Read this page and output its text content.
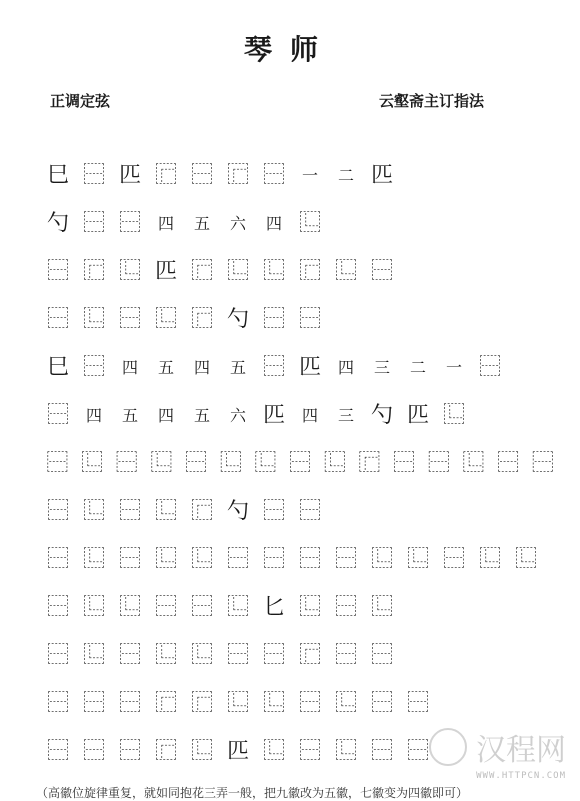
琴师
正调定弦	云壑斋主订指法
⺒ ⿱ 匹 ⿸ ⿱ ⿸ ⿱	一	二 匹
勺 ⿱ ⿱	四	五	六	四 ⿺
⿱ ⿸ ⿺ 匹 ⿸ ⿺ ⿺ ⿸ ⿺ ⿱
⿱ ⿺ ⿱ ⿺ ⿸ 勺 ⿱ ⿱
⺒ ⿱	四	五	四	五 ⿱ 匹	四	三	二	一 ⿱
⿱	四	五	四	五	六 匹	四	三 勺 匹 ⿺
⿱ ⿺ ⿱ ⿺ ⿱ ⿺ ⿺ ⿱ ⿺ ⿸ ⿱ ⿱ ⿺ ⿱ ⿱
⿱ ⿺ ⿱ ⿺ ⿸ 勺 ⿱ ⿱
⿱ ⿺ ⿱ ⿺ ⿺ ⿱ ⿱ ⿱ ⿱ ⿺ ⿺ ⿱ ⿺ ⿺
⿱ ⿺ ⿺ ⿱ ⿱ ⿺ 匕 ⿺ ⿱ ⿺
⿱ ⿺ ⿱ ⿺ ⿺ ⿱ ⿱ ⿸ ⿱ ⿱
⿱ ⿱ ⿱ ⿸ ⿸ ⿺ ⿺ ⿱ ⿺ ⿱ ⿱
⿱ ⿱ ⿱ ⿸ ⿺ 匹 ⿺ ⿱ ⿺ ⿱ ⿱
（高徽位旋律重复，就如同抱花三弄一般，把九徽改为五徽，七徽变为四徽即可）
汉程网
WWW.HTTPCN.COM
